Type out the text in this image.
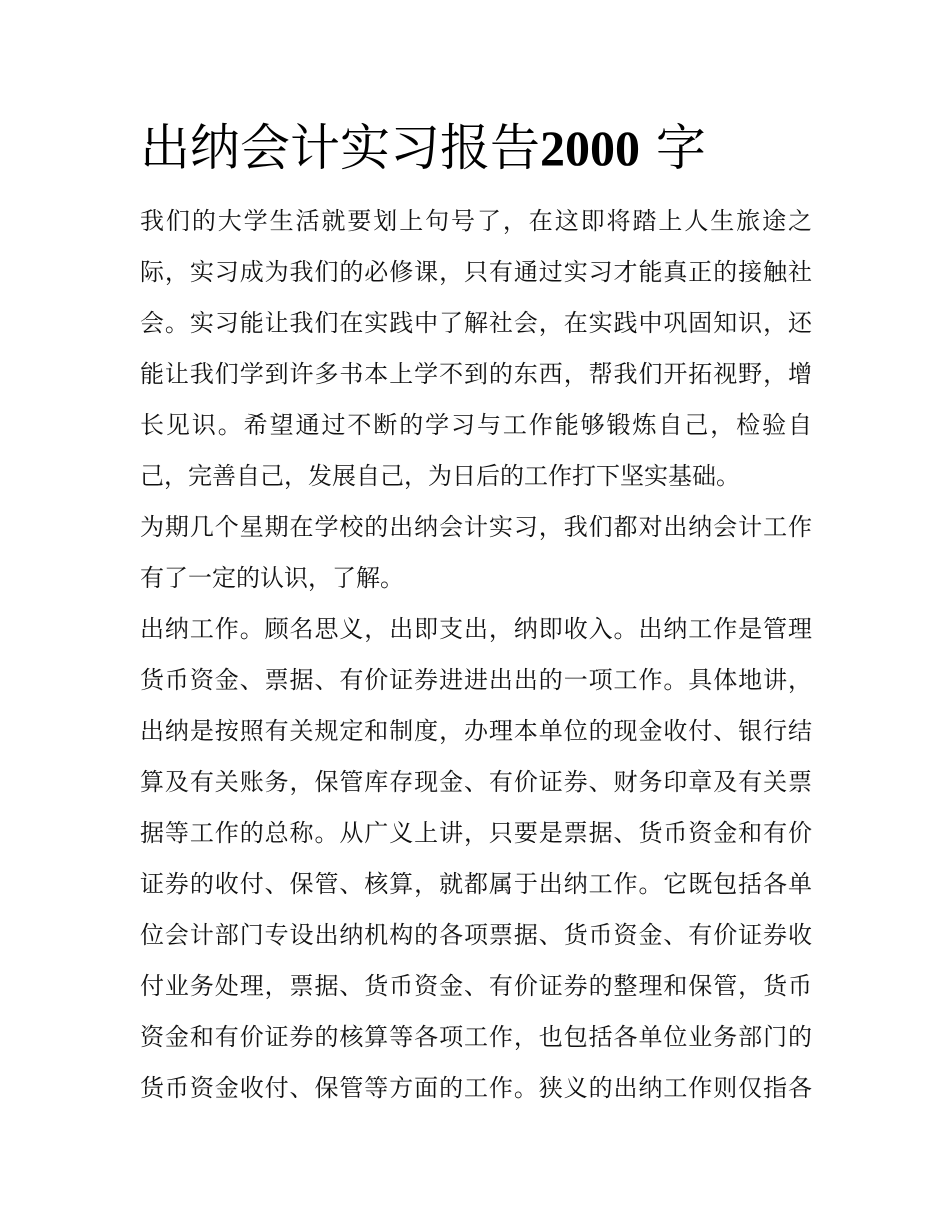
出纳会计实习报告2000 字
我们的大学生活就要划上句号了，在这即将踏上人生旅途之
际，实习成为我们的必修课，只有通过实习才能真正的接触社
会。实习能让我们在实践中了解社会，在实践中巩固知识，还
能让我们学到许多书本上学不到的东西，帮我们开拓视野，增
长见识。希望通过不断的学习与工作能够锻炼自己，检验自
己，完善自己，发展自己，为日后的工作打下坚实基础。
为期几个星期在学校的出纳会计实习，我们都对出纳会计工作
有了一定的认识，了解。
出纳工作。顾名思义，出即支出，纳即收入。出纳工作是管理
货币资金、票据、有价证券进进出出的一项工作。具体地讲，
出纳是按照有关规定和制度，办理本单位的现金收付、银行结
算及有关账务，保管库存现金、有价证券、财务印章及有关票
据等工作的总称。从广义上讲，只要是票据、货币资金和有价
证券的收付、保管、核算，就都属于出纳工作。它既包括各单
位会计部门专设出纳机构的各项票据、货币资金、有价证券收
付业务处理，票据、货币资金、有价证券的整理和保管，货币
资金和有价证券的核算等各项工作，也包括各单位业务部门的
货币资金收付、保管等方面的工作。狭义的出纳工作则仅指各
